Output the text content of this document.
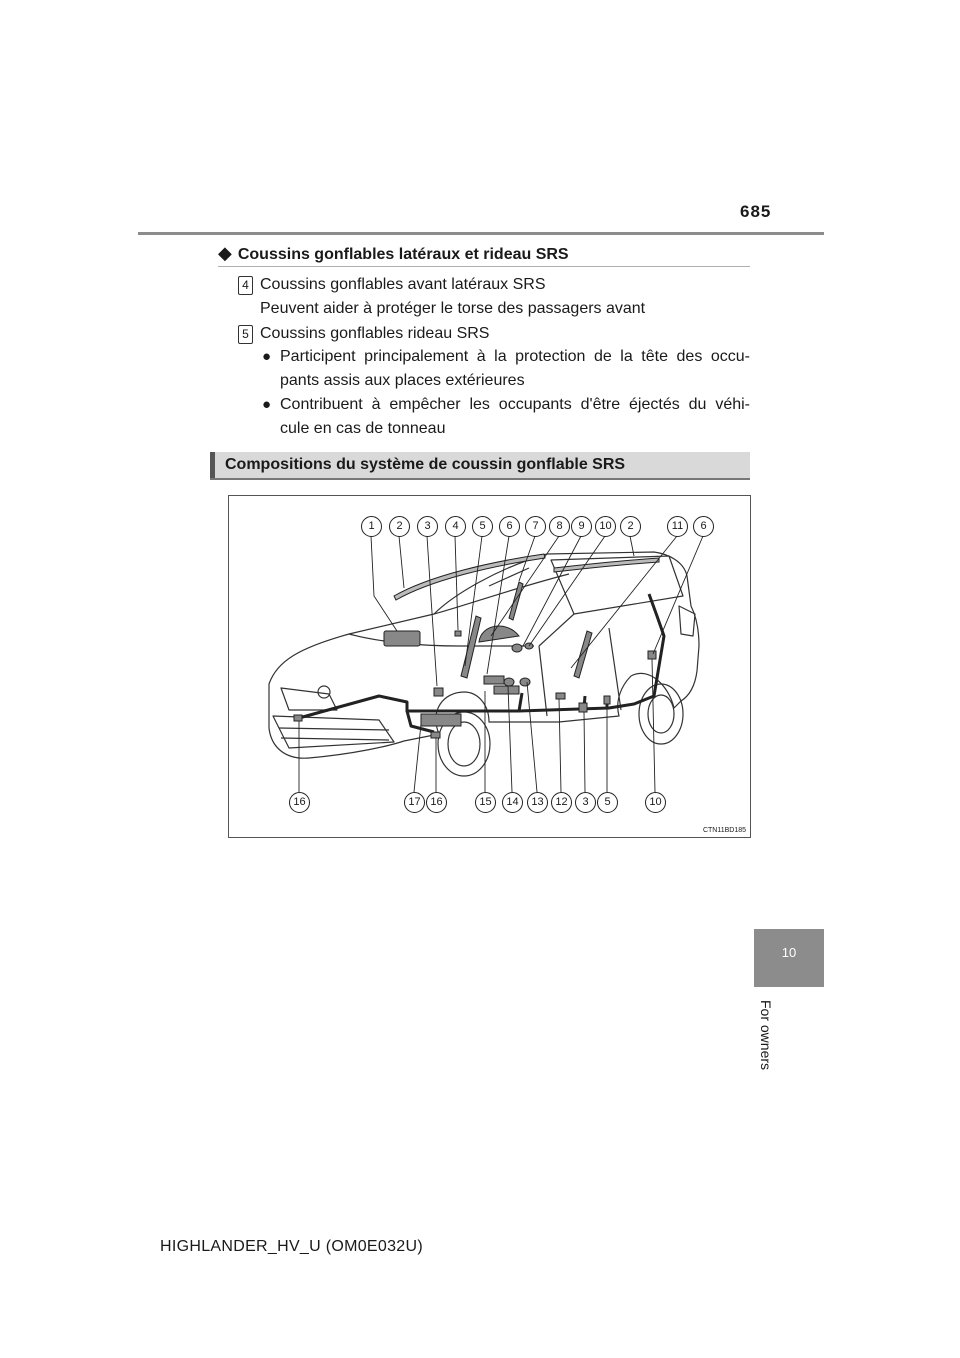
685
10
For owners
◆ Coussins gonflables latéraux et rideau SRS
4 Coussins gonflables avant latéraux SRS
Peuvent aider à protéger le torse des passagers avant
5 Coussins gonflables rideau SRS
● Participent principalement à la protection de la tête des occu-
pants assis aux places extérieures
● Contribuent à empêcher les occupants d'être éjectés du véhi-
cule en cas de tonneau
Compositions du système de coussin gonflable SRS
1	2	3	4	5	6	7	8	9	10	2	11	6
16	17 16	15	14	13	12	3	5	10
CTN11BD185
HIGHLANDER_HV_U (OM0E032U)
